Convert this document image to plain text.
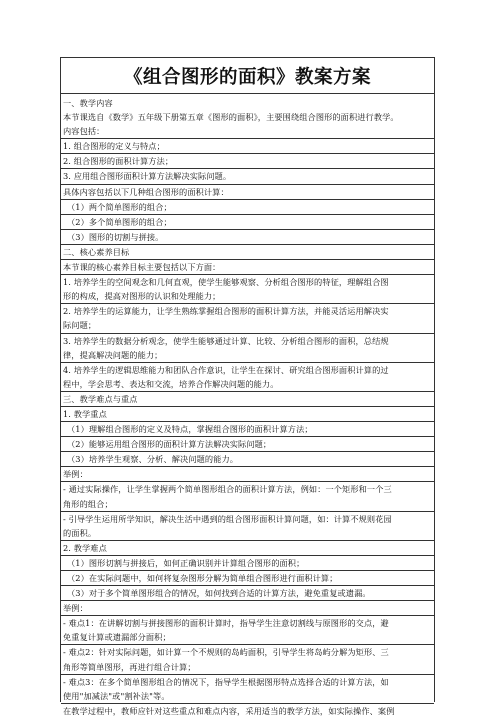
《组合图形的面积》教案方案
一、教学内容
本节课选自《数学》五年级下册第五章《图形的面积》，主要围绕组合图形的面积进行教学。
内容包括：
1. 组合图形的定义与特点；
2. 组合图形的面积计算方法；
3. 应用组合图形面积计算方法解决实际问题。
具体内容包括以下几种组合图形的面积计算：
（1）两个简单图形的组合；
（2）多个简单图形的组合；
（3）图形的切割与拼接。
二、核心素养目标
本节课的核心素养目标主要包括以下方面：
1. 培养学生的空间观念和几何直观，使学生能够观察、分析组合图形的特征，理解组合图
形的构成，提高对图形的认识和处理能力；
2. 培养学生的运算能力，让学生熟练掌握组合图形的面积计算方法，并能灵活运用解决实
际问题；
3. 培养学生的数据分析观念，使学生能够通过计算、比较、分析组合图形的面积，总结规
律，提高解决问题的能力；
4. 培养学生的逻辑思维能力和团队合作意识，让学生在探讨、研究组合图形面积计算的过
程中，学会思考、表达和交流，培养合作解决问题的能力。
三、教学难点与重点
1. 教学重点
（1）理解组合图形的定义及特点，掌握组合图形的面积计算方法；
（2）能够运用组合图形的面积计算方法解决实际问题；
（3）培养学生观察、分析、解决问题的能力。
举例：
- 通过实际操作，让学生掌握两个简单图形组合的面积计算方法，例如：一个矩形和一个三
角形的组合；
- 引导学生运用所学知识，解决生活中遇到的组合图形面积计算问题，如：计算不规则花园
的面积。
2. 教学难点
（1）图形切割与拼接后，如何正确识别并计算组合图形的面积；
（2）在实际问题中，如何将复杂图形分解为简单组合图形进行面积计算；
（3）对于多个简单图形组合的情况，如何找到合适的计算方法，避免重复或遗漏。
举例：
- 难点1：在讲解切割与拼接图形的面积计算时，指导学生注意切割线与原图形的交点，避
免重复计算或遗漏部分面积；
- 难点2：针对实际问题，如计算一个不规则的岛屿面积，引导学生将岛屿分解为矩形、三
角形等简单图形，再进行组合计算；
- 难点3：在多个简单图形组合的情况下，指导学生根据图形特点选择合适的计算方法，如
使用"加减法"或"割补法"等。
在教学过程中，教师应针对这些重点和难点内容，采用适当的教学方法，如实际操作、案例
